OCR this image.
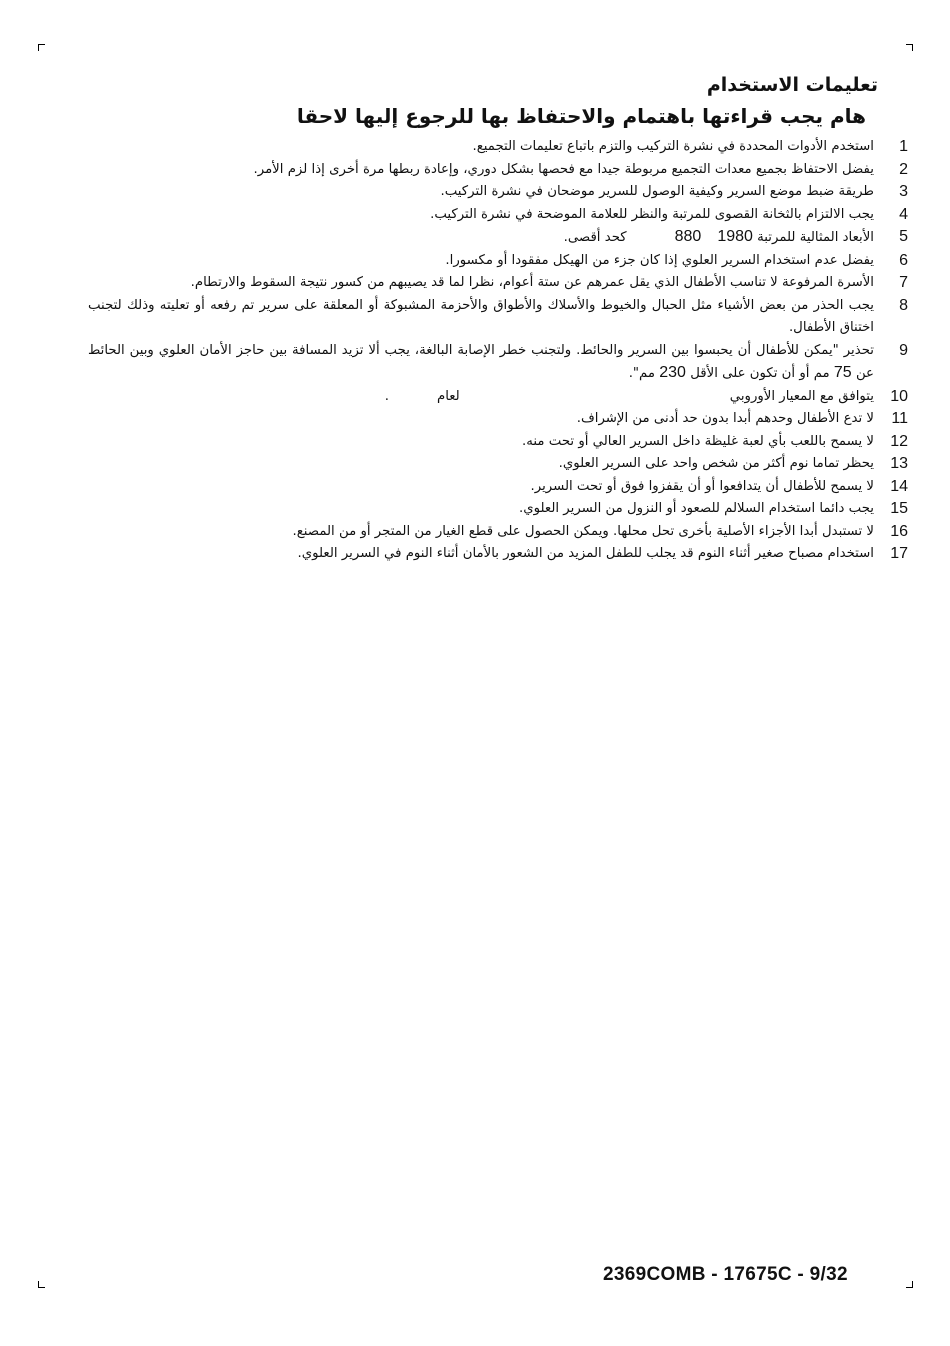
تعليمات الاستخدام
هام يجب قراءتها باهتمام والاحتفاظ بها للرجوع إليها لاحقا
1
استخدم الأدوات المحددة في نشرة التركيب والتزم باتباع تعليمات التجميع.
2
يفضل الاحتفاظ بجميع معدات التجميع مربوطة جيدا مع فحصها بشكل دوري، وإعادة ربطها مرة أخرى إذا لزم الأمر.
3
طريقة ضبط موضع السرير وكيفية الوصول للسرير موضحان في نشرة التركيب.
4
يجب الالتزام بالثخانة القصوى للمرتبة والنظر للعلامة الموضحة في نشرة التركيب.
5
الأبعاد المثالية للمرتبة 1980880كحد أقصى.
6
يفضل عدم استخدام السرير العلوي إذا كان جزء من الهيكل مفقودا أو مكسورا.
7
الأسرة المرفوعة لا تناسب الأطفال الذي يقل عمرهم عن ستة أعوام، نظرا لما قد يصيبهم من كسور نتيجة السقوط والارتطام.
8
يجب الحذر من بعض الأشياء مثل الحبال والخيوط والأسلاك والأطواق والأحزمة المشبوكة أو المعلقة على سرير تم رفعه أو تعليته وذلك لتجنب اختناق الأطفال.
9
تحذير "يمكن للأطفال أن يحبسوا بين السرير والحائط. ولتجنب خطر الإصابة البالغة، يجب ألا تزيد المسافة بين حاجز الأمان العلوي وبين الحائط عن 75 مم أو أن تكون على الأقل 230 مم".
10
يتوافق مع المعيار الأوروبيلعام.
11
لا تدع الأطفال وحدهم أبدا بدون حد أدنى من الإشراف.
12
لا يسمح باللعب بأي لعبة غليظة داخل السرير العالي أو تحت منه.
13
يحظر تماما نوم أكثر من شخص واحد على السرير العلوي.
14
لا يسمح للأطفال أن يتدافعوا أو أن يقفزوا فوق أو تحت السرير.
15
يجب دائما استخدام السلالم للصعود أو النزول من السرير العلوي.
16
لا تستبدل أبدا الأجزاء الأصلية بأخرى تحل محلها. ويمكن الحصول على قطع الغيار من المتجر أو من المصنع.
17
استخدام مصباح صغير أثناء النوم قد يجلب للطفل المزيد من الشعور بالأمان أثناء النوم في السرير العلوي.
2369COMB - 17675C - 9/32
